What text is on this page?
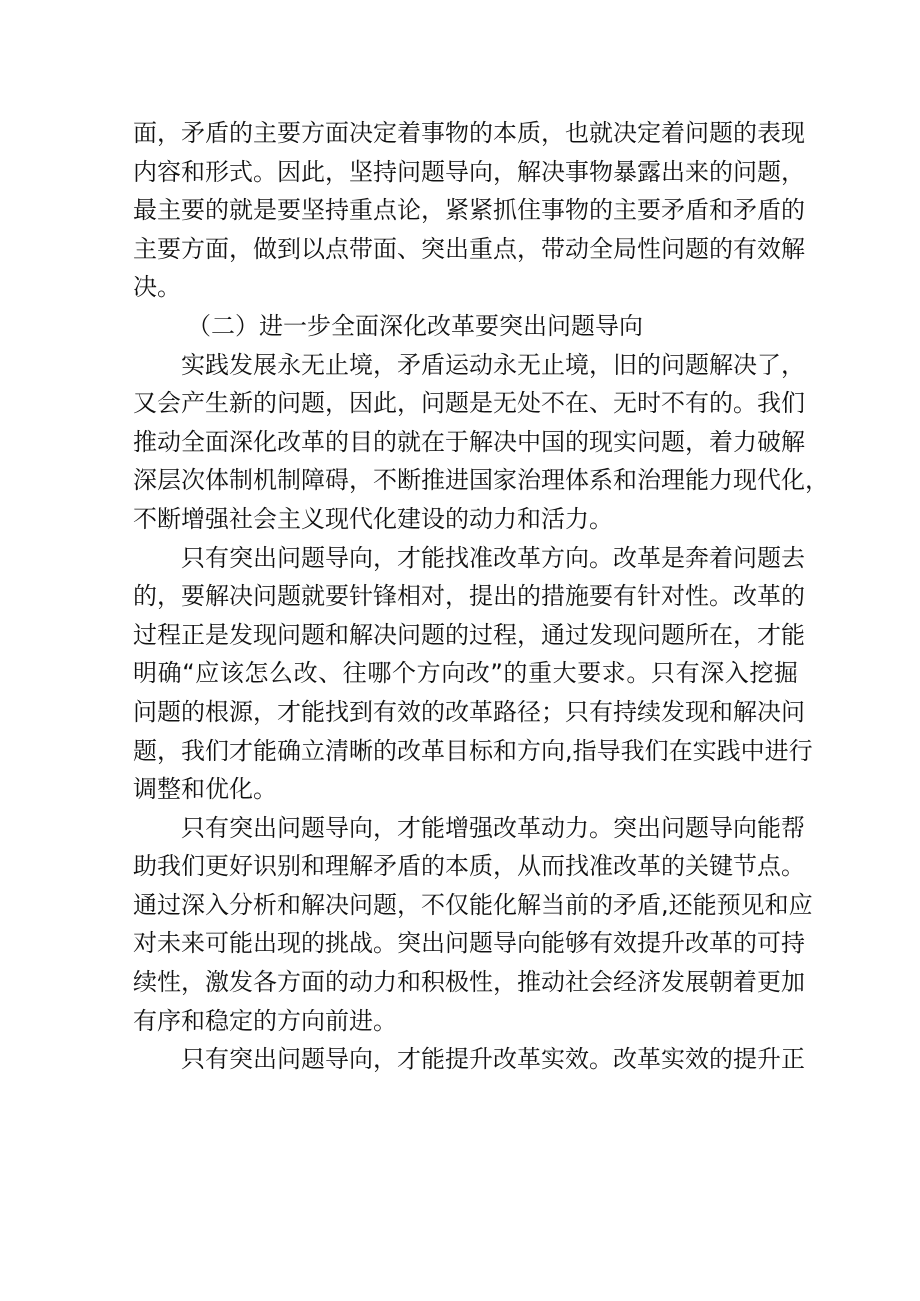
面，矛盾的主要方面决定着事物的本质，也就决定着问题的表现
内容和形式。因此，坚持问题导向，解决事物暴露出来的问题，
最主要的就是要坚持重点论，紧紧抓住事物的主要矛盾和矛盾的
主要方面，做到以点带面、突出重点，带动全局性问题的有效解
决。
（二）进一步全面深化改革要突出问题导向
实践发展永无止境，矛盾运动永无止境，旧的问题解决了，
又会产生新的问题，因此，问题是无处不在、无时不有的。我们
推动全面深化改革的目的就在于解决中国的现实问题，着力破解
深层次体制机制障碍，不断推进国家治理体系和治理能力现代化，
不断增强社会主义现代化建设的动力和活力。
只有突出问题导向，才能找准改革方向。改革是奔着问题去
的，要解决问题就要针锋相对，提出的措施要有针对性。改革的
过程正是发现问题和解决问题的过程，通过发现问题所在，才能
明确“应该怎么改、往哪个方向改”的重大要求。只有深入挖掘
问题的根源，才能找到有效的改革路径；只有持续发现和解决问
题，我们才能确立清晰的改革目标和方向,指导我们在实践中进行
调整和优化。
只有突出问题导向，才能增强改革动力。突出问题导向能帮
助我们更好识别和理解矛盾的本质，从而找准改革的关键节点。
通过深入分析和解决问题，不仅能化解当前的矛盾,还能预见和应
对未来可能出现的挑战。突出问题导向能够有效提升改革的可持
续性，激发各方面的动力和积极性，推动社会经济发展朝着更加
有序和稳定的方向前进。
只有突出问题导向，才能提升改革实效。改革实效的提升正
